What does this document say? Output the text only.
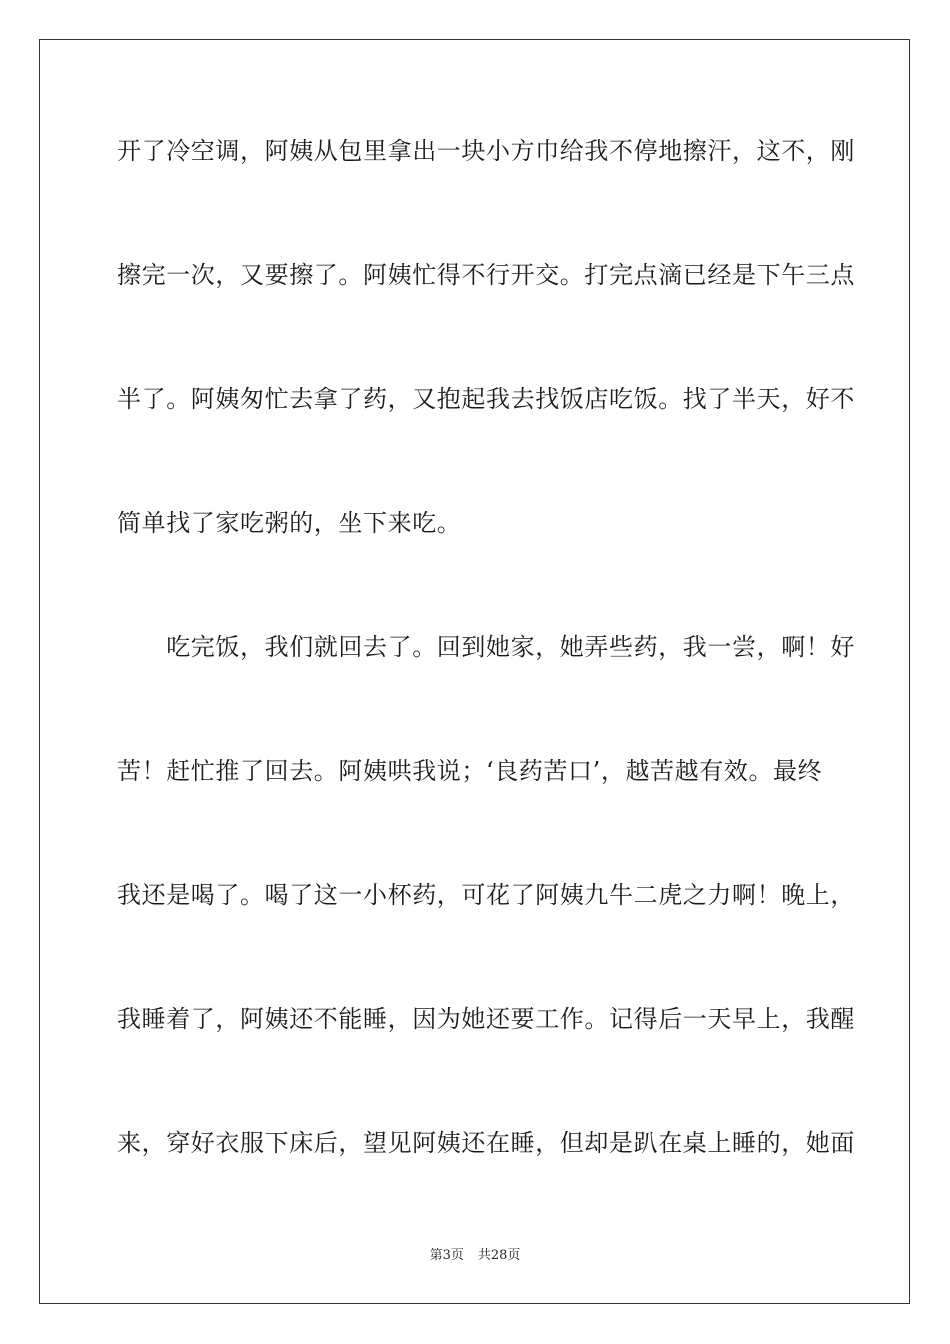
开了冷空调，阿姨从包里拿出一块小方巾给我不停地擦汗，这不，刚
擦完一次，又要擦了。阿姨忙得不行开交。打完点滴已经是下午三点
半了。阿姨匆忙去拿了药，又抱起我去找饭店吃饭。找了半天，好不
简单找了家吃粥的，坐下来吃。
　　吃完饭，我们就回去了。回到她家，她弄些药，我一尝，啊！好
苦！赶忙推了回去。阿姨哄我说；‘良药苦口’，越苦越有效。最终
我还是喝了。喝了这一小杯药，可花了阿姨九牛二虎之力啊！晚上，
我睡着了，阿姨还不能睡，因为她还要工作。记得后一天早上，我醒
来，穿好衣服下床后，望见阿姨还在睡，但却是趴在桌上睡的，她面
第3页 共28页
